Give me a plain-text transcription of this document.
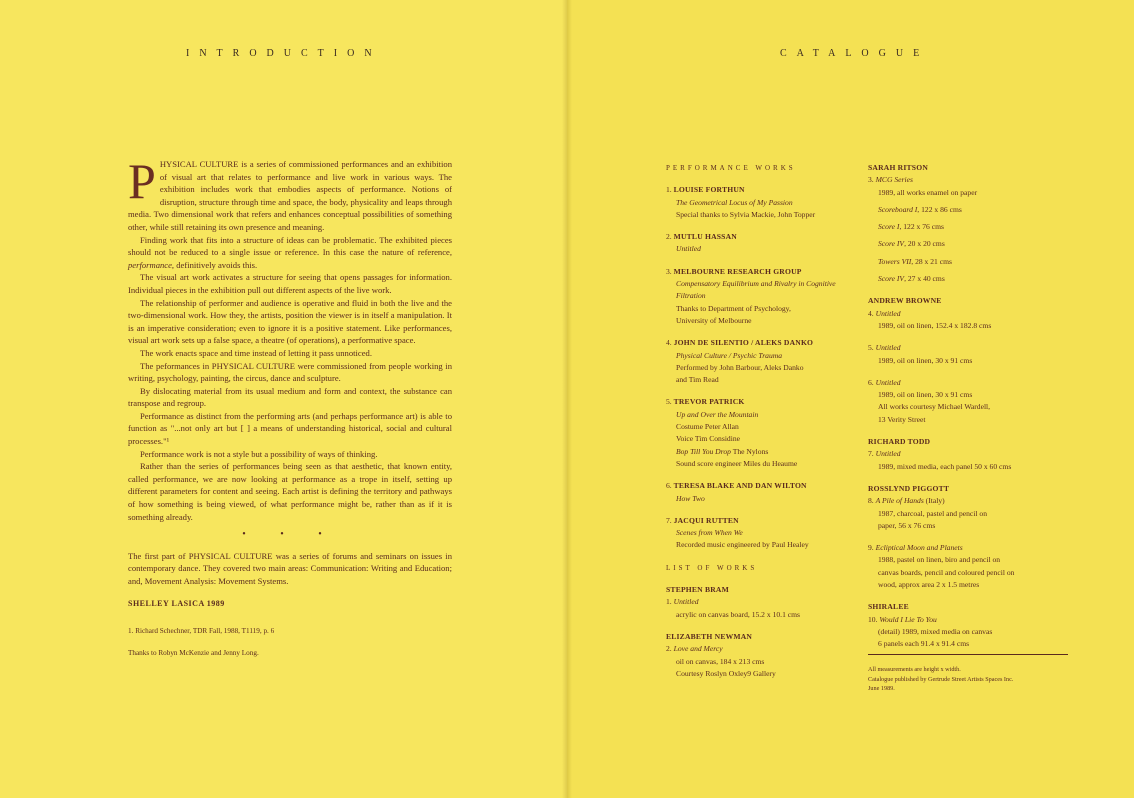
INTRODUCTION

PHYSICAL CULTURE is a series of commissioned performances and an exhibition of visual art that relates to performance and live work in various ways. The exhibition includes work that embodies aspects of performance. Notions of disruption, structure through time and space, the body, physicality and leaps through media. Two dimensional work that refers and enhances conceptual possibilities of something other, while still retaining its own presence and meaning.

Finding work that fits into a structure of ideas can be problematic. The exhibited pieces should not be reduced to a single issue or reference. In this case the nature of reference, performance, definitively avoids this.

The visual art work activates a structure for seeing that opens passages for information. Individual pieces in the exhibition pull out different aspects of the live work.

The relationship of performer and audience is operative and fluid in both the live and the two-dimensional work. How they, the artists, position the viewer is in itself a manipulation. It is an imperative consideration; even to ignore it is a positive statement. Like performances, visual art work sets up a false space, a theatre (of operations), a performative space.

The work enacts space and time instead of letting it pass unnoticed.

The peformances in PHYSICAL CULTURE were commissioned from people working in writing, psychology, painting, the circus, dance and sculpture.

By dislocating material from its usual medium and form and context, the substance can transpose and regroup.

Performance as distinct from the performing arts (and perhaps performance art) is able to function as "...not only art but [ ] a means of understanding historical, social and cultural processes."¹

Performance work is not a style but a possibility of ways of thinking.

Rather than the series of performances being seen as that aesthetic, that known entity, called performance, we are now looking at performance as a trope in itself, setting up different parameters for content and seeing. Each artist is defining the territory and pathways of how something is being viewed, of what performance might be, rather than as if it is something already.

• • •

The first part of PHYSICAL CULTURE was a series of forums and seminars on issues in contemporary dance. They covered two main areas: Communication: Writing and Education; and, Movement Analysis: Movement Systems.

SHELLEY LASICA 1989
1. Richard Schechner, TDR Fall, 1988, T1119, p. 6
Thanks to Robyn McKenzie and Jenny Long.
CATALOGUE
PERFORMANCE WORKS
1. LOUISE FORTHUN
The Geometrical Locus of My Passion
Special thanks to Sylvia Mackie, John Topper
2. MUTLU HASSAN
Untitled
3. MELBOURNE RESEARCH GROUP
Compensatory Equilibrium and Rivalry in Cognitive Filtration
Thanks to Department of Psychology,
University of Melbourne
4. JOHN DE SILENTIO / ALEKS DANKO
Physical Culture / Psychic Trauma
Performed by John Barbour, Aleks Danko
and Tim Read
5. TREVOR PATRICK
Up and Over the Mountain
Costume Peter Allan
Voice Tim Considine
Bop Till You Drop The Nylons
Sound score engineer Miles du Heaume
6. TERESA BLAKE AND DAN WILTON
How Two
7. JACQUI RUTTEN
Scenes from When We
Recorded music engineered by Paul Healey
LIST OF WORKS
STEPHEN BRAM
1. Untitled
acrylic on canvas board, 15.2 x 10.1 cms
ELIZABETH NEWMAN
2. Love and Mercy
oil on canvas, 184 x 213 cms
Courtesy Roslyn Oxley9 Gallery
SARAH RITSON
3. MCG Series
1989, all works enamel on paper
Scoreboard I, 122 x 86 cms
Score I, 122 x 76 cms
Score IV, 20 x 20 cms
Towers VII, 28 x 21 cms
Score IV, 27 x 40 cms
ANDREW BROWNE
4. Untitled
1989, oil on linen, 152.4 x 182.8 cms
5. Untitled
1989, oil on linen, 30 x 91 cms
6. Untitled
1989, oil on linen, 30 x 91 cms
All works courtesy Michael Wardell,
13 Verity Street
RICHARD TODD
7. Untitled
1989, mixed media, each panel 50 x 60 cms
ROSSLYND PIGGOTT
8. A Pile of Hands (Italy)
1987, charcoal, pastel and pencil on
paper, 56 x 76 cms
9. Ecliptical Moon and Planets
1988, pastel on linen, biro and pencil on
canvas boards, pencil and coloured pencil on
wood, approx area 2 x 1.5 metres
SHIRALEE
10. Would I Lie To You
(detail) 1989, mixed media on canvas
6 panels each 91.4 x 91.4 cms
All measurements are height x width.
Catalogue published by Gertrude Street Artists Spaces Inc.
June 1989.
